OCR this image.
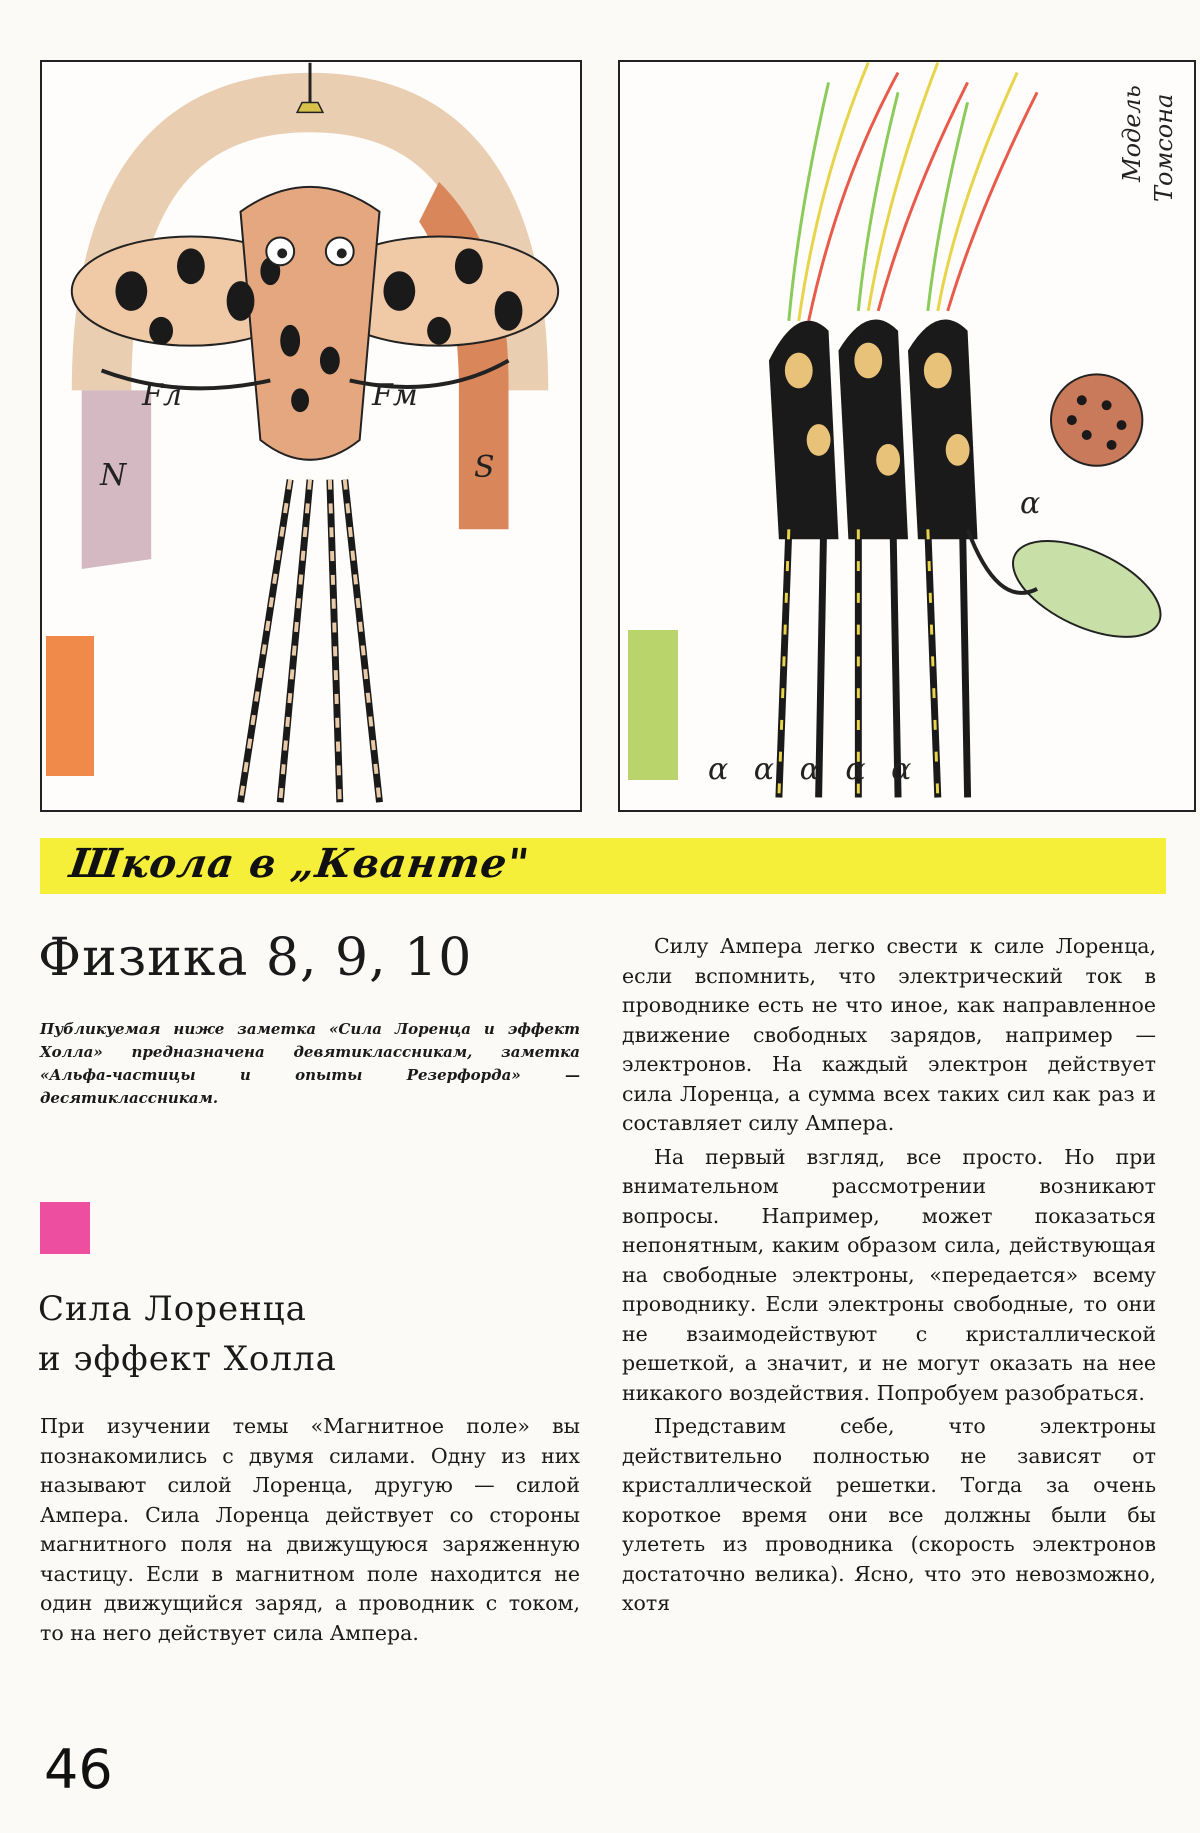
Fл	Fм
N	S
Модель Томсона
α
α α α α α
Школа в „Кванте"
Физика 8, 9, 10

Публикуемая ниже заметка «Сила Лоренца и эффект Холла» предназначена девятиклассникам, заметка «Альфа-частицы и опыты Резерфорда» — десятиклассникам.

Сила Лоренца
и эффект Холла

При изучении темы «Магнитное поле» вы познакомились с двумя силами. Одну из них называют силой Лоренца, другую — силой Ампера. Сила Лоренца действует со стороны магнитного поля на движущуюся заряженную частицу. Если в магнитном поле находится не один движущийся заряд, а проводник с током, то на него действует сила Ампера.

Силу Ампера легко свести к силе Лоренца, если вспомнить, что электрический ток в проводнике есть не что иное, как направленное движение свободных зарядов, например — электронов. На каждый электрон действует сила Лоренца, а сумма всех таких сил как раз и составляет силу Ампера.

На первый взгляд, все просто. Но при внимательном рассмотрении возникают вопросы. Например, может показаться непонятным, каким образом сила, действующая на свободные электроны, «передается» всему проводнику. Если электроны свободные, то они не взаимодействуют с кристаллической решеткой, а значит, и не могут оказать на нее никакого воздействия. Попробуем разобраться.

Представим себе, что электроны действительно полностью не зависят от кристаллической решетки. Тогда за очень короткое время они все должны были бы улететь из проводника (скорость электронов достаточно велика). Ясно, что это невозможно, хотя

46
